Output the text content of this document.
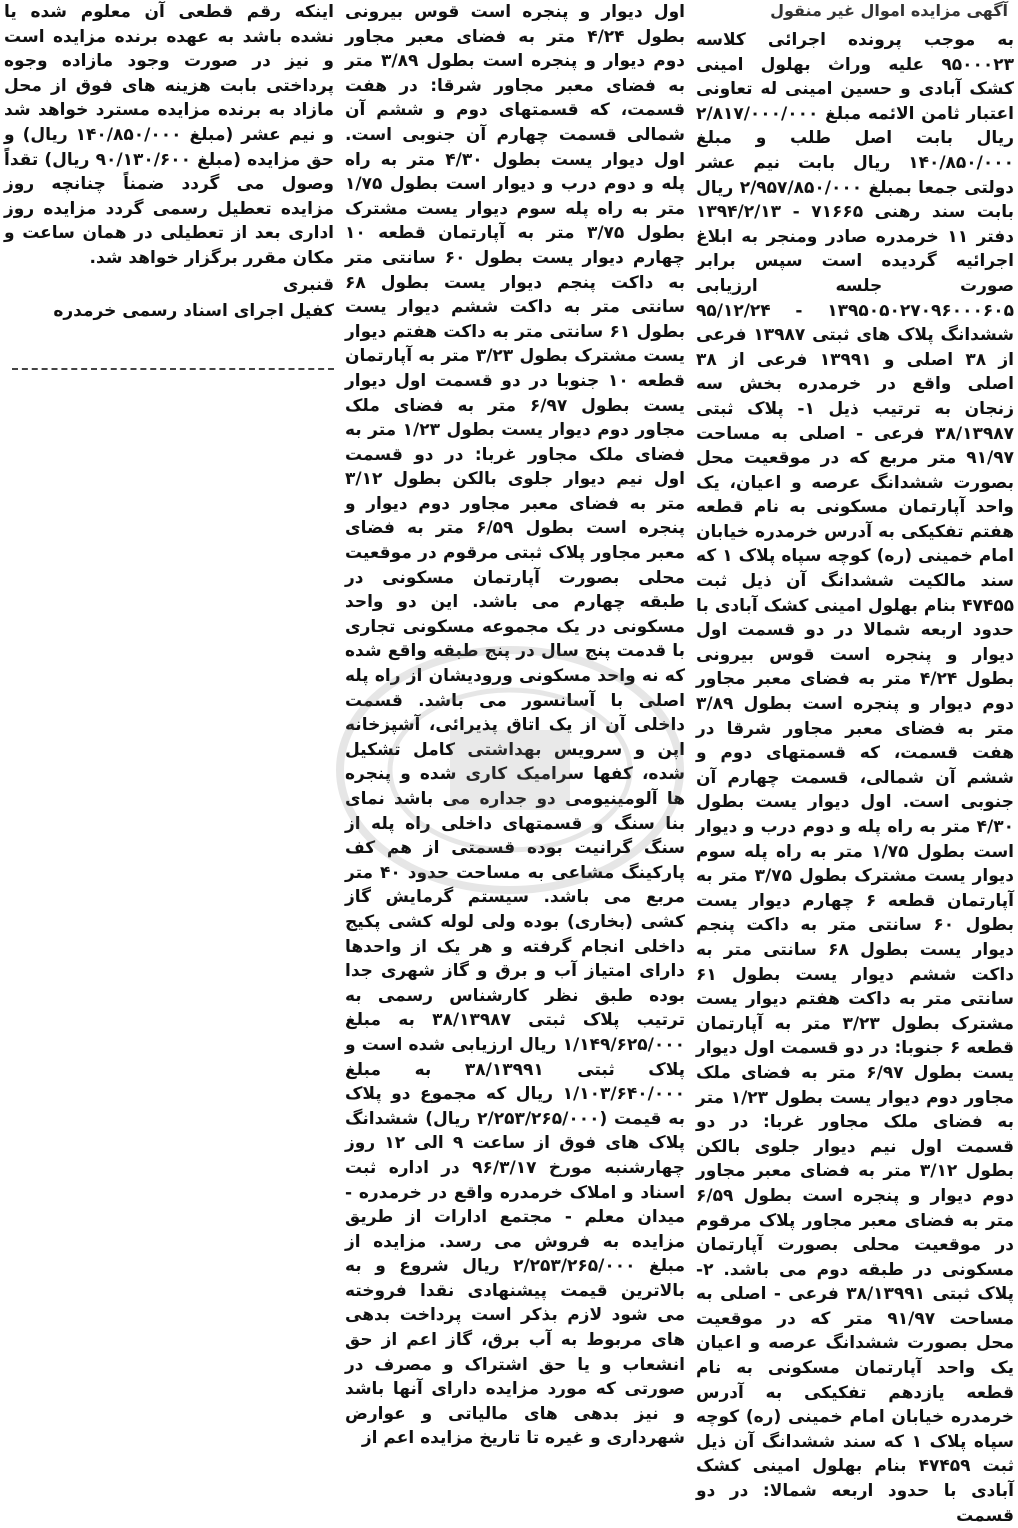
آگهی مزایده اموال غیر منقول
به موجب پرونده اجرائی کلاسه ۹۵۰۰۰۲۳ علیه وراث بهلول امینی کشک آبادی و حسین امینی له تعاونی اعتبار ثامن الائمه مبلغ ۲/۸۱۷/۰۰۰/۰۰۰ ریال بابت اصل طلب و مبلغ ۱۴۰/۸۵۰/۰۰۰ ریال بابت نیم عشر دولتی جمعا بمبلغ ۲/۹۵۷/۸۵۰/۰۰۰ ریال بابت سند رهنی ۷۱۶۶۵ - ۱۳۹۴/۲/۱۳ دفتر ۱۱ خرمدره صادر ومنجر به ابلاغ اجرائیه گردیده است سپس برابر صورت جلسه ارزیابی ۱۳۹۵۰۵۰۲۷۰۹۶۰۰۰۶۰۵ - ۹۵/۱۲/۲۴ ششدانگ پلاک های ثبتی ۱۳۹۸۷ فرعی از ۳۸ اصلی و ۱۳۹۹۱ فرعی از ۳۸ اصلی واقع در خرمدره بخش سه زنجان به ترتیب ذیل ۱- پلاک ثبتی ۳۸/۱۳۹۸۷ فرعی - اصلی به مساحت ۹۱/۹۷ متر مربع که در موقعیت محل بصورت ششدانگ عرصه و اعیان، یک واحد آپارتمان مسکونی به نام قطعه هفتم تفکیکی به آدرس خرمدره خیابان امام خمینی (ره) کوچه سپاه پلاک ۱ که سند مالکیت ششدانگ آن ذیل ثبت ۴۷۴۵۵ بنام بهلول امینی کشک آبادی با حدود اربعه شمالا در دو قسمت اول دیوار و پنجره است قوس بیرونی بطول ۴/۲۴ متر به فضای معبر مجاور دوم دیوار و پنجره است بطول ۳/۸۹ متر به فضای معبر مجاور شرقا در هفت قسمت، که قسمتهای دوم و ششم آن شمالی، قسمت چهارم آن جنوبی است. اول دیوار یست بطول ۴/۳۰ متر به راه پله و دوم درب و دیوار است بطول ۱/۷۵ متر به راه پله سوم دیوار یست مشترک بطول ۳/۷۵ متر به آپارتمان قطعه ۶ چهارم دیوار یست بطول ۶۰ سانتی متر به داکت پنجم دیوار یست بطول ۶۸ سانتی متر به داکت ششم دیوار یست بطول ۶۱ سانتی متر به داکت هفتم دیوار یست مشترک بطول ۳/۲۳ متر به آپارتمان قطعه ۶ جنوبا: در دو قسمت اول دیوار یست بطول ۶/۹۷ متر به فضای ملک مجاور دوم دیوار یست بطول ۱/۲۳ متر به فضای ملک مجاور غربا: در دو قسمت اول نیم دیوار جلوی بالکن بطول ۳/۱۲ متر به فضای معبر مجاور دوم دیوار و پنجره است بطول ۶/۵۹ متر به فضای معبر مجاور پلاک مرقوم در موقعیت محلی بصورت آپارتمان مسکونی در طبقه دوم می باشد. ۲- پلاک ثبتی ۳۸/۱۳۹۹۱ فرعی - اصلی به مساحت ۹۱/۹۷ متر که در موقعیت محل بصورت ششدانگ عرصه و اعیان یک واحد آپارتمان مسکونی به نام قطعه یازدهم تفکیکی به آدرس خرمدره خیابان امام خمینی (ره) کوچه سپاه پلاک ۱ که سند ششدانگ آن ذیل ثبت ۴۷۴۵۹ بنام بهلول امینی کشک آبادی با حدود اربعه شمالا: در دو قسمت
اول دیوار و پنجره است قوس بیرونی بطول ۴/۲۴ متر به فضای معبر مجاور دوم دیوار و پنجره است بطول ۳/۸۹ متر به فضای معبر مجاور شرقا: در هفت قسمت، که قسمتهای دوم و ششم آن شمالی قسمت چهارم آن جنوبی است. اول دیوار یست بطول ۴/۳۰ متر به راه پله و دوم درب و دیوار است بطول ۱/۷۵ متر به راه پله سوم دیوار یست مشترک بطول ۳/۷۵ متر به آپارتمان قطعه ۱۰ چهارم دیوار یست بطول ۶۰ سانتی متر به داکت پنجم دیوار یست بطول ۶۸ سانتی متر به داکت ششم دیوار یست بطول ۶۱ سانتی متر به داکت هفتم دیوار یست مشترک بطول ۳/۲۳ متر به آپارتمان قطعه ۱۰ جنوبا در دو قسمت اول دیوار یست بطول ۶/۹۷ متر به فضای ملک مجاور دوم دیوار یست بطول ۱/۲۳ متر به فضای ملک مجاور غربا: در دو قسمت اول نیم دیوار جلوی بالکن بطول ۳/۱۲ متر به فضای معبر مجاور دوم دیوار و پنجره است بطول ۶/۵۹ متر به فضای معبر مجاور پلاک ثبتی مرقوم در موقعیت محلی بصورت آپارتمان مسکونی در طبقه چهارم می باشد. این دو واحد مسکونی در یک مجموعه مسکونی تجاری با قدمت پنج سال در پنج طبقه واقع شده که نه واحد مسکونی ورودیشان از راه پله اصلی با آسانسور می باشد. قسمت داخلی آن از یک اتاق پذیرائی، آشپزخانه اپن و سرویس بهداشتی کامل تشکیل شده، کفها سرامیک کاری شده و پنجره ها آلومینیومی دو جداره می باشد نمای بنا سنگ و قسمتهای داخلی راه پله از سنگ گرانیت بوده قسمتی از هم کف پارکینگ مشاعی به مساحت حدود ۴۰ متر مربع می باشد. سیستم گرمایش گاز کشی (بخاری) بوده ولی لوله کشی پکیج داخلی انجام گرفته و هر یک از واحدها دارای امتیاز آب و برق و گاز شهری جدا بوده طبق نظر کارشناس رسمی به ترتیب پلاک ثبتی ۳۸/۱۳۹۸۷ به مبلغ ۱/۱۴۹/۶۲۵/۰۰۰ ریال ارزیابی شده است و پلاک ثبتی ۳۸/۱۳۹۹۱ به مبلغ ۱/۱۰۳/۶۴۰/۰۰۰ ریال که مجموع دو پلاک به قیمت (۲/۲۵۳/۲۶۵/۰۰۰ ریال) ششدانگ پلاک های فوق از ساعت ۹ الی ۱۲ روز چهارشنبه مورخ ۹۶/۳/۱۷ در اداره ثبت اسناد و املاک خرمدره واقع در خرمدره - میدان معلم - مجتمع ادارات از طریق مزایده به فروش می رسد. مزایده از مبلغ ۲/۲۵۳/۲۶۵/۰۰۰ ریال شروع و به بالاترین قیمت پیشنهادی نقدا فروخته می شود لازم بذکر است پرداخت بدهی های مربوط به آب برق، گاز اعم از حق انشعاب و یا حق اشتراک و مصرف در صورتی که مورد مزایده دارای آنها باشد و نیز بدهی های مالیاتی و عوارض شهرداری و غیره تا تاریخ مزایده اعم از
اینکه رقم قطعی آن معلوم شده یا نشده باشد به عهده برنده مزایده است و نیز در صورت وجود مازاده وجوه پرداختی بابت هزینه های فوق از محل مازاد به برنده مزایده مسترد خواهد شد و نیم عشر (مبلغ ۱۴۰/۸۵۰/۰۰۰ ریال) و حق مزایده (مبلغ ۹۰/۱۳۰/۶۰۰ ریال) تقداً وصول می گردد ضمناً چنانچه روز مزایده تعطیل رسمی گردد مزایده روز اداری بعد از تعطیلی در همان ساعت و مکان مقرر برگزار خواهد شد.
قنبری
کفیل اجرای اسناد رسمی خرمدره
